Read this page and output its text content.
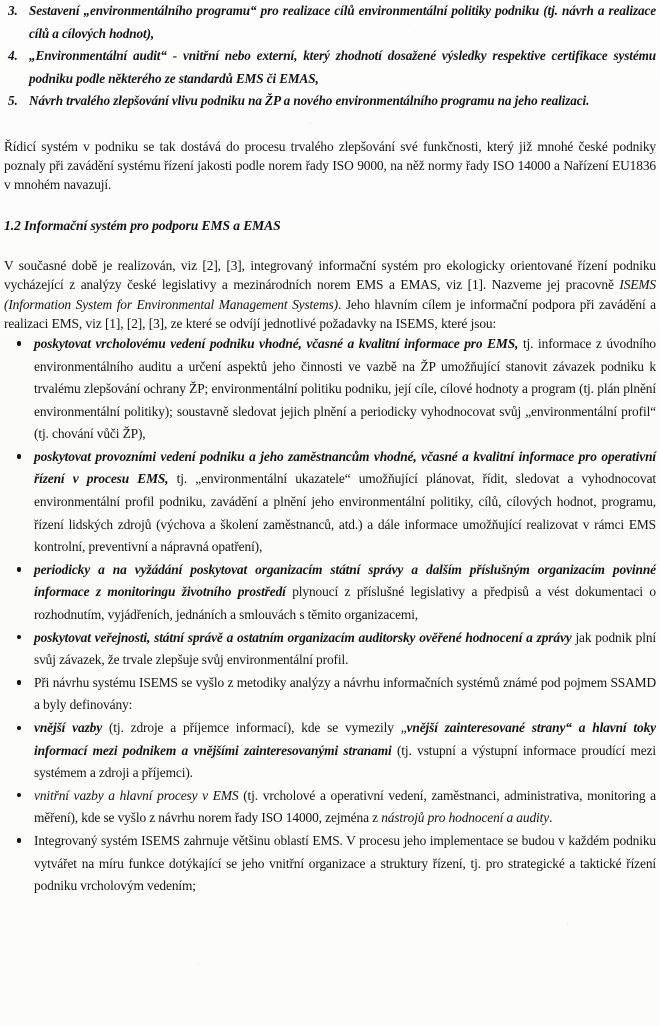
3. Sestavení „environmentálního programu“ pro realizace cílů environmentální politiky podniku (tj. návrh a realizace cílů a cílových hodnot),
4. „Environmentální audit“ - vnitřní nebo externí, který zhodnotí dosažené výsledky respektive certifikace systému podniku podle některého ze standardů EMS či EMAS,
5. Návrh trvalého zlepšování vlivu podniku na ŽP a nového environmentálního programu na jeho realizaci.

Řídicí systém v podniku se tak dostává do procesu trvalého zlepšování své funkčnosti, který již mnohé české podniky poznaly při zavádění systému řízení jakosti podle norem řady ISO 9000, na něž normy řady ISO 14000 a Nařízení EU1836 v mnohém navazují.

1.2 Informační systém pro podporu EMS a EMAS

V současné době je realizován, viz [2], [3], integrovaný informační systém pro ekologicky orientované řízení podniku vycházející z analýzy české legislativy a mezinárodních norem EMS a EMAS, viz [1]. Nazveme jej pracovně ISEMS (Information System for Environmental Management Systems). Jeho hlavním cílem je informační podpora při zavádění a realizaci EMS, viz [1], [2], [3], ze které se odvíjí jednotlivé požadavky na ISEMS, které jsou:

poskytovat vrcholovému vedení podniku vhodné, včasné a kvalitní informace pro EMS, tj. informace z úvodního environmentálního auditu a určení aspektů jeho činnosti ve vazbě na ŽP umožňující stanovit závazek podniku k trvalému zlepšování ochrany ŽP; environmentální politiku podniku, její cíle, cílové hodnoty a program (tj. plán plnění environmentální politiky); soustavně sledovat jejich plnění a periodicky vyhodnocovat svůj „environmentální profil“ (tj. chování vůči ŽP),
poskytovat provozními vedení podniku a jeho zaměstnancům vhodné, včasné a kvalitní informace pro operativní řízení v procesu EMS, tj. „environmentální ukazatele“ umožňující plánovat, řídit, sledovat a vyhodnocovat environmentální profil podniku, zavádění a plnění jeho environmentální politiky, cílů, cílových hodnot, programu, řízení lidských zdrojů (výchova a školení zaměstnanců, atd.) a dále informace umožňující realizovat v rámci EMS kontrolní, preventivní a nápravná opatření),
periodicky a na vyžádání poskytovat organizacím státní správy a dalším příslušným organizacím povinné informace z monitoringu životního prostředí plynoucí z příslušné legislativy a předpisů a vést dokumentaci o rozhodnutím, vyjádřeních, jednáních a smlouvách s těmito organizacemi,
poskytovat veřejnosti, státní správě a ostatním organizacím auditorsky ověřené hodnocení a zprávy jak podnik plní svůj závazek, že trvale zlepšuje svůj environmentální profil.
Při návrhu systému ISEMS se vyšlo z metodiky analýzy a návrhu informačních systémů známé pod pojmem SSAMD a byly definovány:
vnější vazby (tj. zdroje a příjemce informací), kde se vymezily „vnější zainteresované strany“ a hlavní toky informací mezi podnikem a vnějšími zainteresovanými stranami (tj. vstupní a výstupní informace proudící mezi systémem a zdroji a příjemci).
vnitřní vazby a hlavní procesy v EMS (tj. vrcholové a operativní vedení, zaměstnanci, administrativa, monitoring a měření), kde se vyšlo z návrhu norem řady ISO 14000, zejména z nástrojů pro hodnocení a audity.
Integrovaný systém ISEMS zahrnuje většinu oblastí EMS. V procesu jeho implementace se budou v každém podniku vytvářet na míru funkce dotýkající se jeho vnitřní organizace a struktury řízení, tj. pro strategické a taktické řízení podniku vrcholovým vedením;
